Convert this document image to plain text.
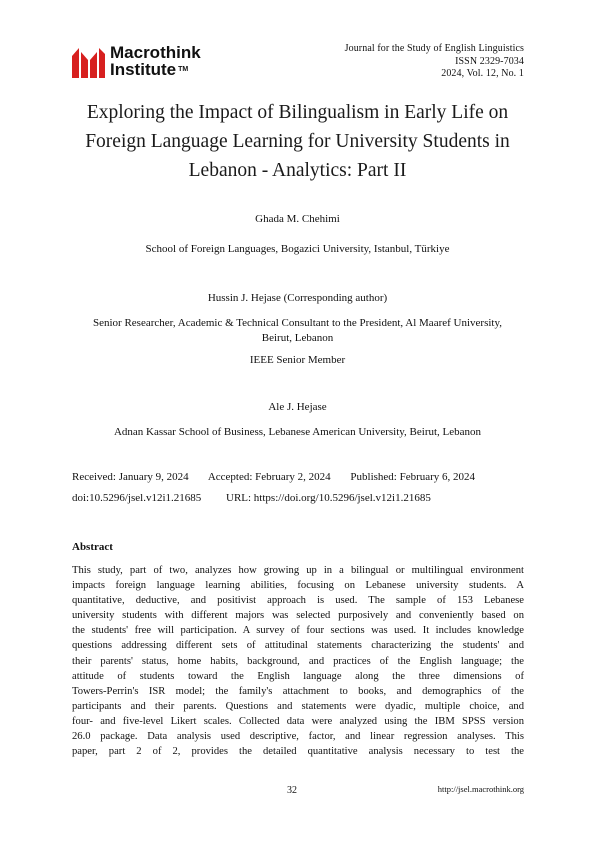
Macrothink
Institute ™
Journal for the Study of English Linguistics
ISSN 2329-7034
2024, Vol. 12, No. 1
Exploring the Impact of Bilingualism in Early Life on
Foreign Language Learning for University Students in
Lebanon - Analytics: Part II
Ghada M. Chehimi
School of Foreign Languages, Bogazici University, Istanbul, Türkiye
Hussin J. Hejase (Corresponding author)
Senior Researcher, Academic & Technical Consultant to the President, Al Maaref University,
Beirut, Lebanon
IEEE Senior Member
Ale J. Hejase
Adnan Kassar School of Business, Lebanese American University, Beirut, Lebanon
Received: January 9, 2024 Accepted: February 2, 2024 Published: February 6, 2024
doi:10.5296/jsel.v12i1.21685 URL: https://doi.org/10.5296/jsel.v12i1.21685
Abstract
This study, part of two, analyzes how growing up in a bilingual or multilingual environment
impacts foreign language learning abilities, focusing on Lebanese university students. A
quantitative, deductive, and positivist approach is used. The sample of 153 Lebanese
university students with different majors was selected purposively and conveniently based on
the students' free will participation. A survey of four sections was used. It includes knowledge
questions addressing different sets of attitudinal statements characterizing the students' and
their parents' status, home habits, background, and practices of the English language; the
attitude of students toward the English language along the three dimensions of
Towers-Perrin's ISR model; the family's attachment to books, and demographics of the
participants and their parents. Questions and statements were dyadic, multiple choice, and
four- and five-level Likert scales. Collected data were analyzed using the IBM SPSS version
26.0 package. Data analysis used descriptive, factor, and linear regression analyses. This
paper, part 2 of 2, provides the detailed quantitative analysis necessary to test the
32	http://jsel.macrothink.org
